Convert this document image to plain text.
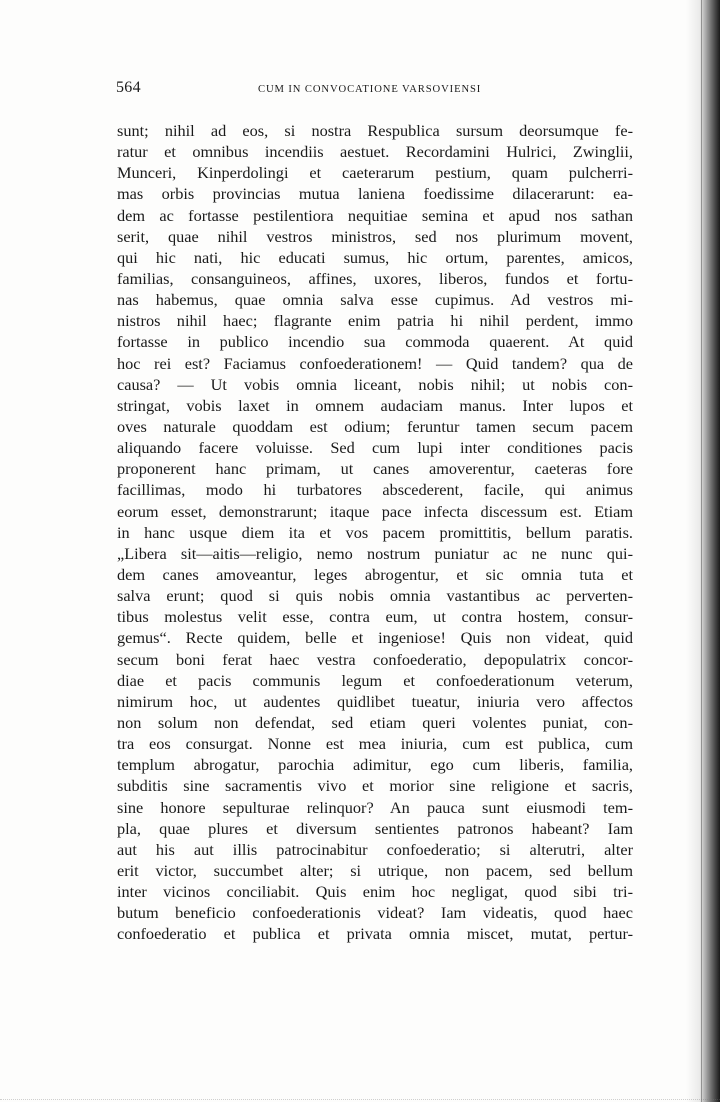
564	CUM IN CONVOCATIONE VARSOVIENSI
sunt; nihil ad eos, si nostra Respublica sursum deorsumque fe-
ratur et omnibus incendiis aestuet. Recordamini Hulrici, Zwinglii,
Munceri, Kinperdolingi et caeterarum pestium, quam pulcherri-
mas orbis provincias mutua laniena foedissime dilacerarunt: ea-
dem ac fortasse pestilentiora nequitiae semina et apud nos sathan
serit, quae nihil vestros ministros, sed nos plurimum movent,
qui hic nati, hic educati sumus, hic ortum, parentes, amicos,
familias, consanguineos, affines, uxores, liberos, fundos et fortu-
nas habemus, quae omnia salva esse cupimus. Ad vestros mi-
nistros nihil haec; flagrante enim patria hi nihil perdent, immo
fortasse in publico incendio sua commoda quaerent. At quid
hoc rei est? Faciamus confoederationem! — Quid tandem? qua de
causa? — Ut vobis omnia liceant, nobis nihil; ut nobis con-
stringat, vobis laxet in omnem audaciam manus. Inter lupos et
oves naturale quoddam est odium; feruntur tamen secum pacem
aliquando facere voluisse. Sed cum lupi inter conditiones pacis
proponerent hanc primam, ut canes amoverentur, caeteras fore
facillimas, modo hi turbatores abscederent, facile, qui animus
eorum esset, demonstrarunt; itaque pace infecta discessum est. Etiam
in hanc usque diem ita et vos pacem promittitis, bellum paratis.
„Libera sit—aitis—religio, nemo nostrum puniatur ac ne nunc qui-
dem canes amoveantur, leges abrogentur, et sic omnia tuta et
salva erunt; quod si quis nobis omnia vastantibus ac perverten-
tibus molestus velit esse, contra eum, ut contra hostem, consur-
gemus“. Recte quidem, belle et ingeniose! Quis non videat, quid
secum boni ferat haec vestra confoederatio, depopulatrix concor-
diae et pacis communis legum et confoederationum veterum,
nimirum hoc, ut audentes quidlibet tueatur, iniuria vero affectos
non solum non defendat, sed etiam queri volentes puniat, con-
tra eos consurgat. Nonne est mea iniuria, cum est publica, cum
templum abrogatur, parochia adimitur, ego cum liberis, familia,
subditis sine sacramentis vivo et morior sine religione et sacris,
sine honore sepulturae relinquor? An pauca sunt eiusmodi tem-
pla, quae plures et diversum sentientes patronos habeant? Iam
aut his aut illis patrocinabitur confoederatio; si alterutri, alter
erit victor, succumbet alter; si utrique, non pacem, sed bellum
inter vicinos conciliabit. Quis enim hoc negligat, quod sibi tri-
butum beneficio confoederationis videat? Iam videatis, quod haec
confoederatio et publica et privata omnia miscet, mutat, pertur-
